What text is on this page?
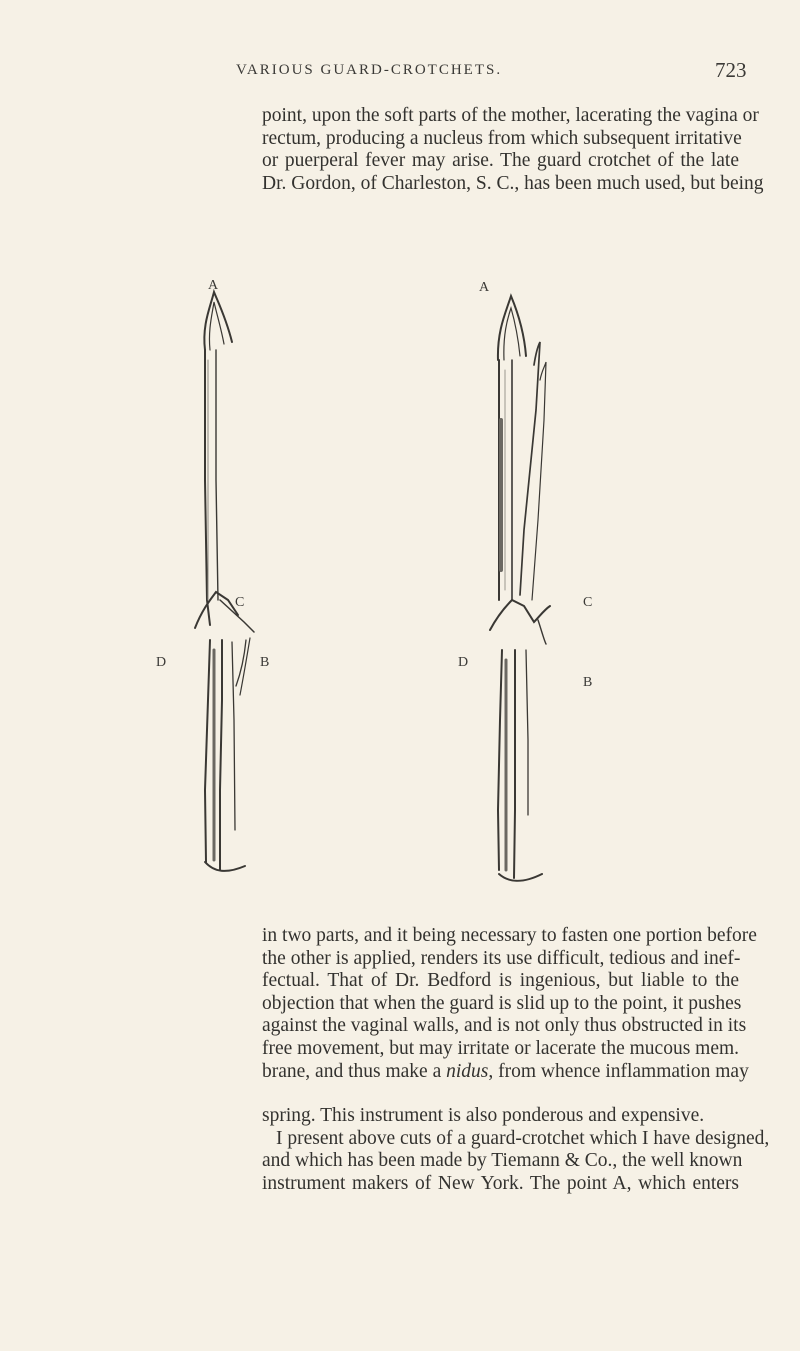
VARIOUS GUARD-CROTCHETS.	723

point, upon the soft parts of the mother, lacerating the vagina or
rectum, producing a nucleus from which subsequent irritative
or puerperal fever may arise. The guard crotchet of the late
Dr. Gordon, of Charleston, S. C., has been much used, but being

A
C
D	B
A
C
D
B

in two parts, and it being necessary to fasten one portion before
the other is applied, renders its use difficult, tedious and inef-
fectual. That of Dr. Bedford is ingenious, but liable to the
objection that when the guard is slid up to the point, it pushes
against the vaginal walls, and is not only thus obstructed in its
free movement, but may irritate or lacerate the mucous mem.
brane, and thus make a nidus, from whence inflammation may

spring. This instrument is also ponderous and expensive.
I present above cuts of a guard-crotchet which I have designed,
and which has been made by Tiemann & Co., the well known
instrument makers of New York. The point A, which enters
